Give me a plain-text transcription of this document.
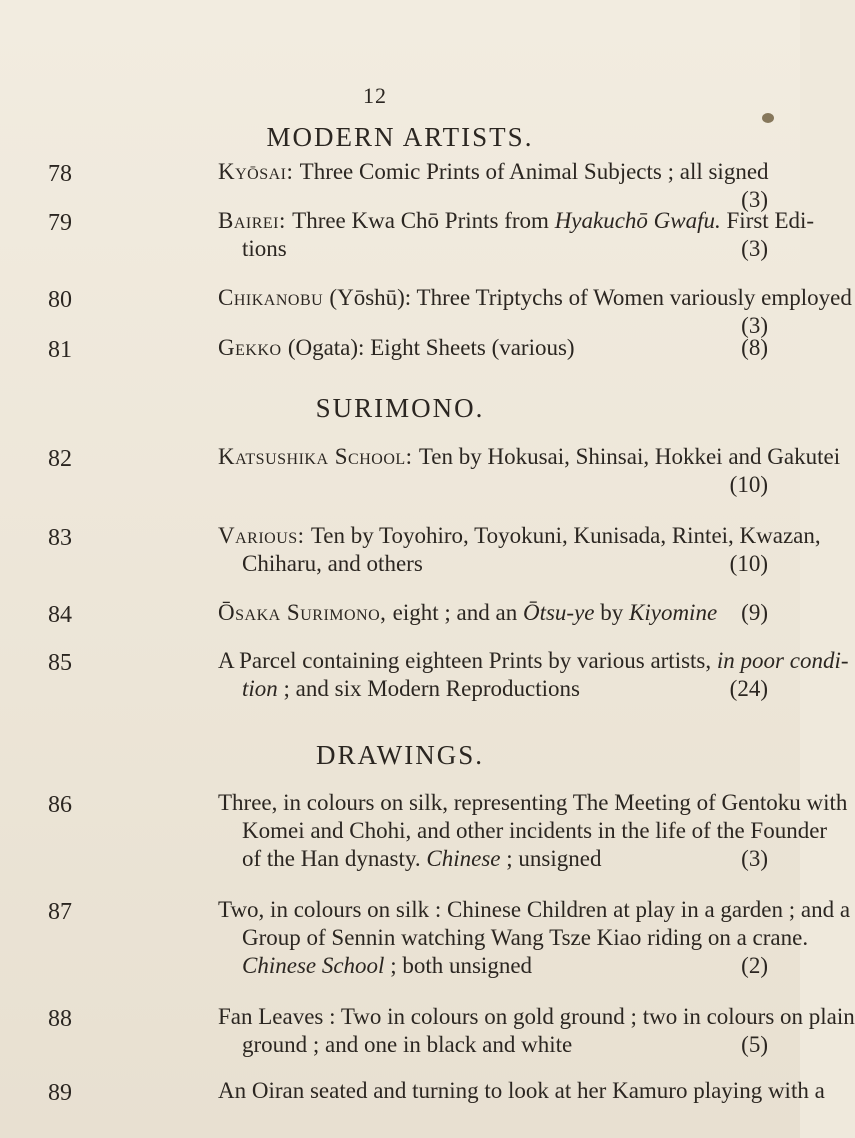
12
MODERN ARTISTS.
78	Kyōsai: Three Comic Prints of Animal Subjects ; all signed
(3)
79	Bairei: Three Kwa Chō Prints from Hyakuchō Gwafu. First Edi-
tions	(3)
80	Chikanobu (Yōshū): Three Triptychs of Women variously employed
(3)
81	Gekko (Ogata): Eight Sheets (various)	(8)
SURIMONO.
82	Katsushika School: Ten by Hokusai, Shinsai, Hokkei and Gakutei
(10)

83	Various: Ten by Toyohiro, Toyokuni, Kunisada, Rintei, Kwazan,
Chiharu, and others	(10)
84	Ōsaka Surimono, eight ; and an Ōtsu-ye by Kiyomine (9)
85	A Parcel containing eighteen Prints by various artists, in poor condi-
tion ; and six Modern Reproductions	(24)
DRAWINGS.
86	Three, in colours on silk, representing The Meeting of Gentoku with
Komei and Chohi, and other incidents in the life of the Founder
of the Han dynasty. Chinese ; unsigned	(3)
87	Two, in colours on silk : Chinese Children at play in a garden ; and a
Group of Sennin watching Wang Tsze Kiao riding on a crane.
Chinese School ; both unsigned	(2)
88	Fan Leaves : Two in colours on gold ground ; two in colours on plain
ground ; and one in black and white	(5)
89	An Oiran seated and turning to look at her Kamuro playing with a
